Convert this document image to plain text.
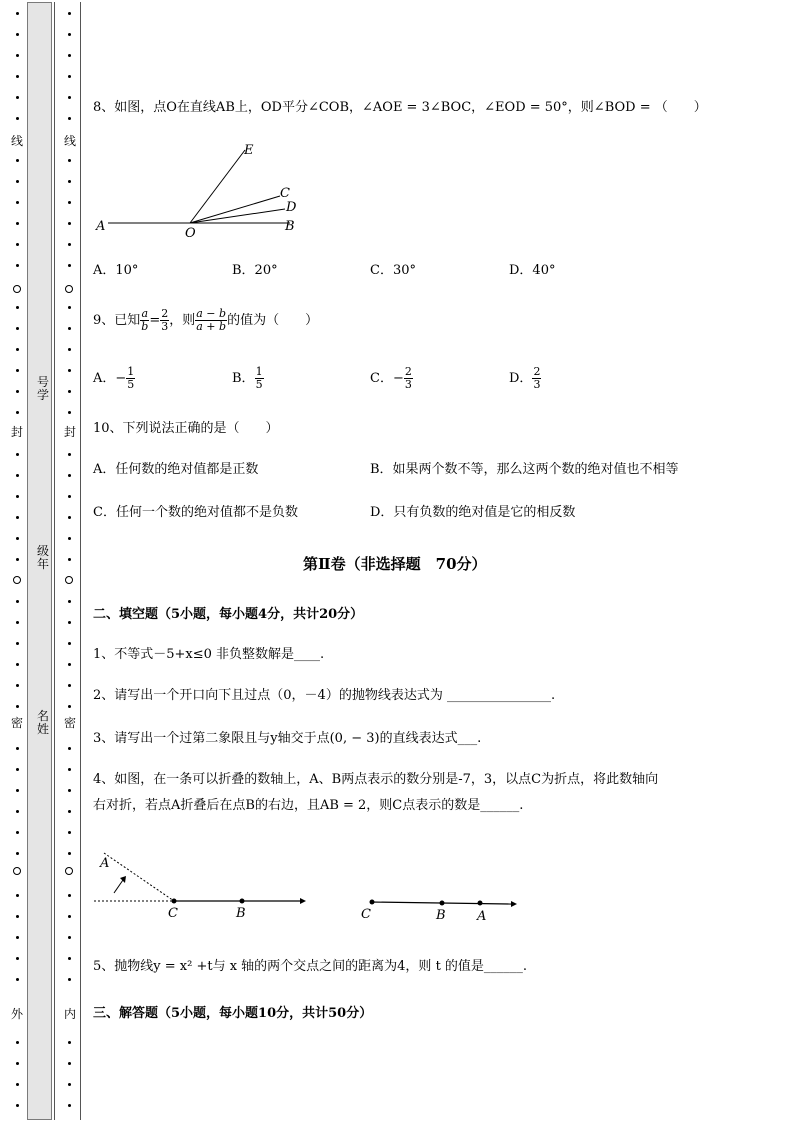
线
封
密
外
线
封
密
内
号学
级年
名姓
8、如图，点O在直线AB上，OD平分∠COB，∠AOE = 3∠BOC，∠EOD = 50°，则∠BOD = （　　）
E
C
D
A	O	B
A．10°	B．20°	C．30°	D．40°
9、已知 $\frac{a}{b} = \frac{2}{3}$ ，则 $\frac{a - b}{a + b}$ 的值为（　　）
A．− $\frac{1}{5}$	B． $\frac{1}{5}$	C．− $\frac{2}{3}$	D． $\frac{2}{3}$
10、下列说法正确的是（　　）
A．任何数的绝对值都是正数	B．如果两个数不等，那么这两个数的绝对值也不相等
C．任何一个数的绝对值都不是负数	D．只有负数的绝对值是它的相反数
第Ⅱ卷（非选择题　70分）
二、填空题（5小题，每小题4分，共计20分）
1、不等式－5+x≤0 非负整数解是____.
2、请写出一个开口向下且过点（0，－4）的抛物线表达式为 ________________.
3、请写出一个过第二象限且与y轴交于点(0, − 3)的直线表达式___.
4、如图，在一条可以折叠的数轴上，A、B两点表示的数分别是-7，3，以点C为折点，将此数轴向
右对折，若点A折叠后在点B的右边，且AB = 2，则C点表示的数是______.
A
C	B	C	B A
5、抛物线y = x² +t与 x 轴的两个交点之间的距离为4，则 t 的值是______.
三、解答题（5小题，每小题10分，共计50分）
